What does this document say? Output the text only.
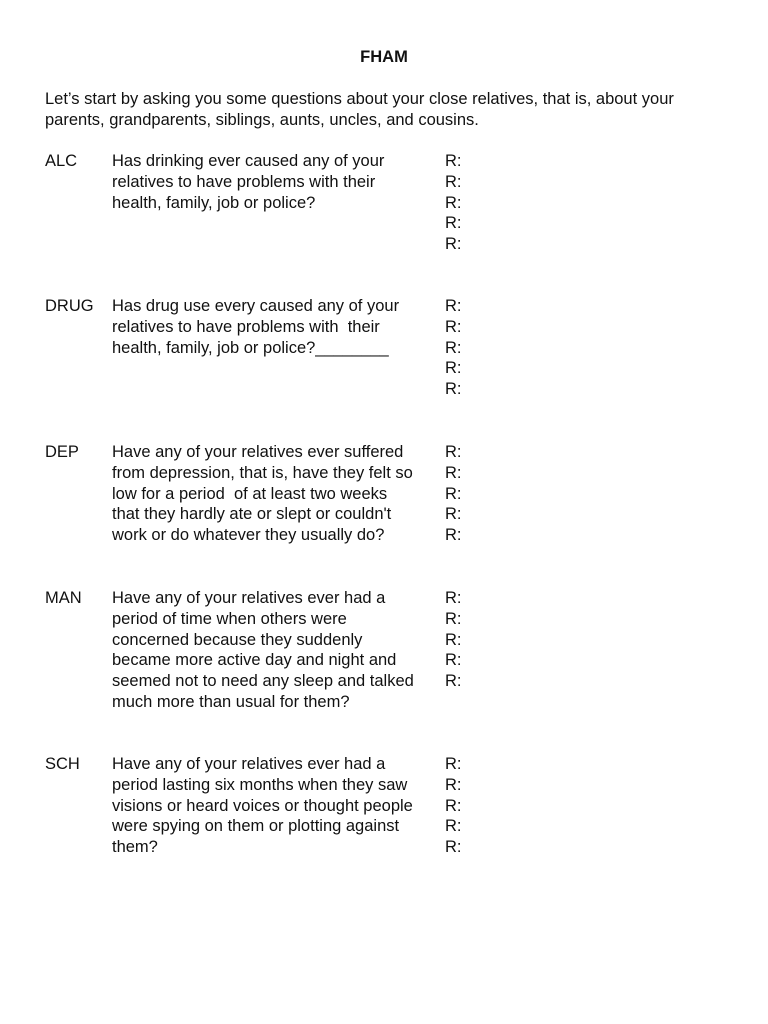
FHAM
Let’s start by asking you some questions about your close relatives, that is, about your
parents, grandparents, siblings, aunts, uncles, and cousins.
ALC Has drinking ever caused any of your
relatives to have problems with their
health, family, job or police?
R:
R:
R:
R:
R:
DRUG Has drug use every caused any of your
relatives to have problems with  their
health, family, job or police?________
R:
R:
R:
R:
R:
DEP Have any of your relatives ever suffered
from depression, that is, have they felt so
low for a period  of at least two weeks
that they hardly ate or slept or couldn't
work or do whatever they usually do?
R:
R:
R:
R:
R:
MAN Have any of your relatives ever had a
period of time when others were
concerned because they suddenly
became more active day and night and
seemed not to need any sleep and talked
much more than usual for them?
R:
R:
R:
R:
R:
SCH Have any of your relatives ever had a
period lasting six months when they saw
visions or heard voices or thought people
were spying on them or plotting against
them?
R:
R:
R:
R:
R:
